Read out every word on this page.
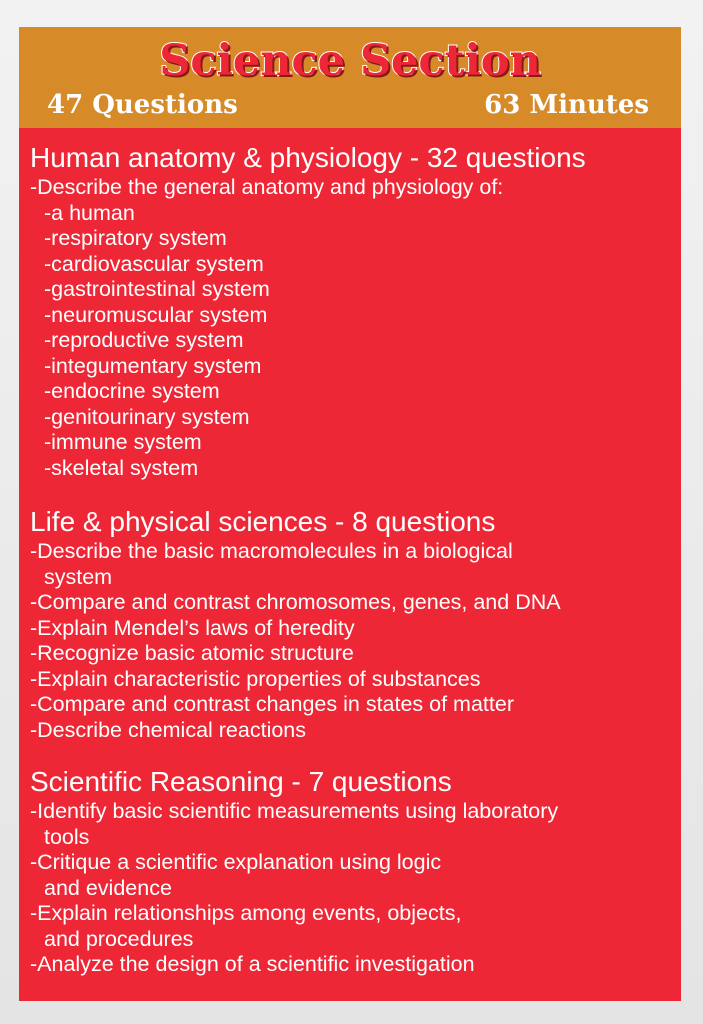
Science Section
47 Questions	63 Minutes
Human anatomy & physiology - 32 questions
-Describe the general anatomy and physiology of:
-a human
-respiratory system
-cardiovascular system
-gastrointestinal system
-neuromuscular system
-reproductive system
-integumentary system
-endocrine system
-genitourinary system
-immune system
-skeletal system
Life & physical sciences - 8 questions
-Describe the basic macromolecules in a biological
system
-Compare and contrast chromosomes, genes, and DNA
-Explain Mendel’s laws of heredity
-Recognize basic atomic structure
-Explain characteristic properties of substances
-Compare and contrast changes in states of matter
-Describe chemical reactions
Scientific Reasoning - 7 questions
-Identify basic scientific measurements using laboratory
tools
-Critique a scientific explanation using logic
and evidence
-Explain relationships among events, objects,
and procedures
-Analyze the design of a scientific investigation
